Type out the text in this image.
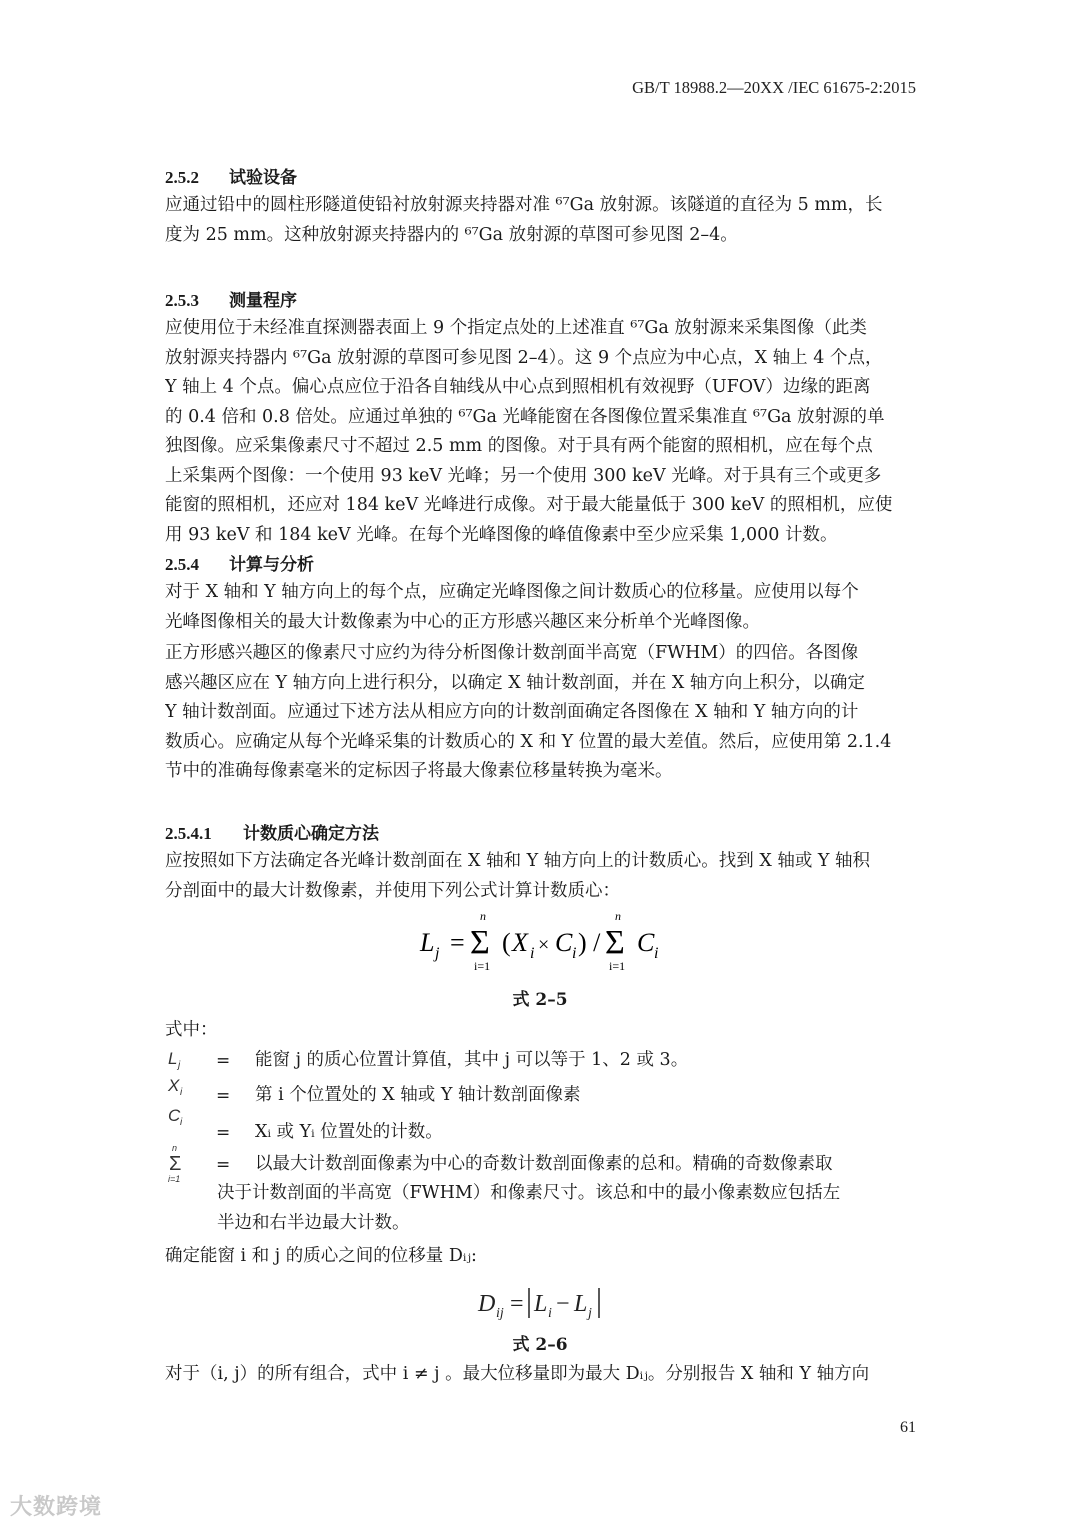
GB/T 18988.2—20XX /IEC 61675-2:2015
2.5.2 试验设备
应通过铅中的圆柱形隧道使铅衬放射源夹持器对准 ⁶⁷Ga 放射源。该隧道的直径为 5 mm，长
度为 25 mm。这种放射源夹持器内的 ⁶⁷Ga 放射源的草图可参见图 2–4。
2.5.3 测量程序
应使用位于未经准直探测器表面上 9 个指定点处的上述准直 ⁶⁷Ga 放射源来采集图像（此类
放射源夹持器内 ⁶⁷Ga 放射源的草图可参见图 2–4）。这 9 个点应为中心点，X 轴上 4 个点，
Y 轴上 4 个点。偏心点应位于沿各自轴线从中心点到照相机有效视野（UFOV）边缘的距离
的 0.4 倍和 0.8 倍处。应通过单独的 ⁶⁷Ga 光峰能窗在各图像位置采集准直 ⁶⁷Ga 放射源的单
独图像。应采集像素尺寸不超过 2.5 mm 的图像。对于具有两个能窗的照相机，应在每个点
上采集两个图像：一个使用 93 keV 光峰；另一个使用 300 keV 光峰。对于具有三个或更多
能窗的照相机，还应对 184 keV 光峰进行成像。对于最大能量低于 300 keV 的照相机，应使
用 93 keV 和 184 keV 光峰。在每个光峰图像的峰值像素中至少应采集 1,000 计数。
2.5.4 计算与分析
对于 X 轴和 Y 轴方向上的每个点，应确定光峰图像之间计数质心的位移量。应使用以每个
光峰图像相关的最大计数像素为中心的正方形感兴趣区来分析单个光峰图像。
正方形感兴趣区的像素尺寸应约为待分析图像计数剖面半高宽（FWHM）的四倍。各图像
感兴趣区应在 Y 轴方向上进行积分，以确定 X 轴计数剖面，并在 X 轴方向上积分，以确定
Y 轴计数剖面。应通过下述方法从相应方向的计数剖面确定各图像在 X 轴和 Y 轴方向的计
数质心。应确定从每个光峰采集的计数质心的 X 和 Y 位置的最大差值。然后，应使用第 2.1.4
节中的准确每像素毫米的定标因子将最大像素位移量转换为毫米。
2.5.4.1 计数质心确定方法
应按照如下方法确定各光峰计数剖面在 X 轴和 Y 轴方向上的计数质心。找到 X 轴或 Y 轴积
分剖面中的最大计数像素，并使用下列公式计算计数质心：
L j = Σ
n
i=1
( X i × C i ) / Σ
n
i=1
C i
式 2–5
式中：
L j
X i
C i
n
Σ
i=1
= 能窗 j 的质心位置计算值，其中 j 可以等于 1、2 或 3。
= 第 i 个位置处的 X 轴或 Y 轴计数剖面像素
= Xᵢ 或 Yᵢ 位置处的计数。
= 以最大计数剖面像素为中心的奇数计数剖面像素的总和。精确的奇数像素取
决于计数剖面的半高宽（FWHM）和像素尺寸。该总和中的最小像素数应包括左
半边和右半边最大计数。
确定能窗 i 和 j 的质心之间的位移量 Dᵢⱼ:
D ij = L i − L j
式 2–6
对于（i, j）的所有组合，式中 i ≠ j 。最大位移量即为最大 Dᵢⱼ。分别报告 X 轴和 Y 轴方向
61
大数跨境
